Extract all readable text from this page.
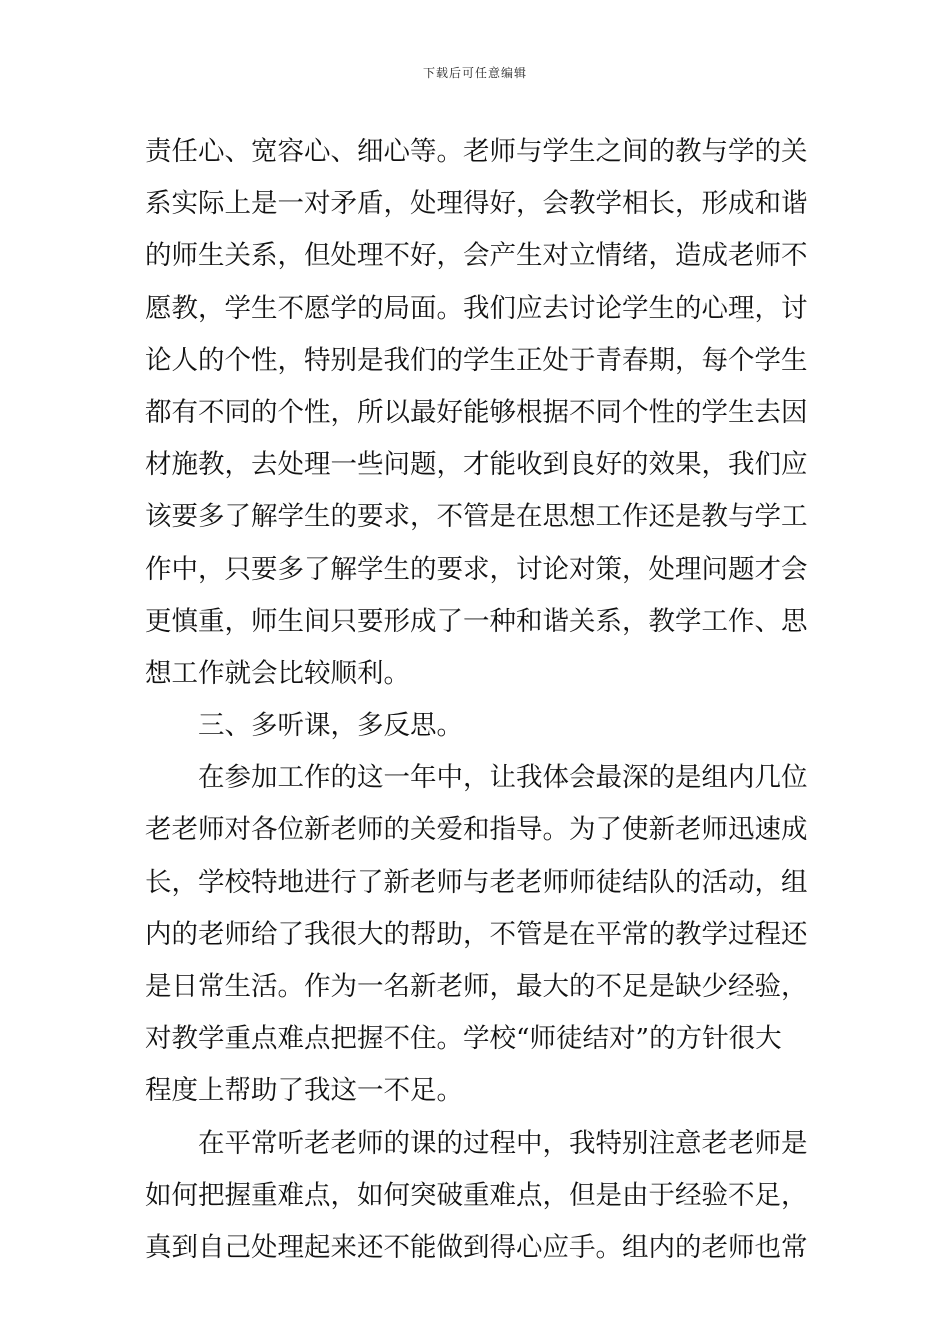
下载后可任意编辑
责任心、宽容心、细心等。老师与学生之间的教与学的关
系实际上是一对矛盾，处理得好，会教学相长，形成和谐
的师生关系，但处理不好，会产生对立情绪，造成老师不
愿教，学生不愿学的局面。我们应去讨论学生的心理，讨
论人的个性，特别是我们的学生正处于青春期，每个学生
都有不同的个性，所以最好能够根据不同个性的学生去因
材施教，去处理一些问题，才能收到良好的效果，我们应
该要多了解学生的要求，不管是在思想工作还是教与学工
作中，只要多了解学生的要求，讨论对策，处理问题才会
更慎重，师生间只要形成了一种和谐关系，教学工作、思
想工作就会比较顺利。
三、多听课，多反思。
在参加工作的这一年中，让我体会最深的是组内几位
老老师对各位新老师的关爱和指导。为了使新老师迅速成
长，学校特地进行了新老师与老老师师徒结队的活动，组
内的老师给了我很大的帮助，不管是在平常的教学过程还
是日常生活。作为一名新老师，最大的不足是缺少经验，
对教学重点难点把握不住。学校“师徒结对”的方针很大
程度上帮助了我这一不足。
在平常听老老师的课的过程中，我特别注意老老师是
如何把握重难点，如何突破重难点，但是由于经验不足，
真到自己处理起来还不能做到得心应手。组内的老师也常
